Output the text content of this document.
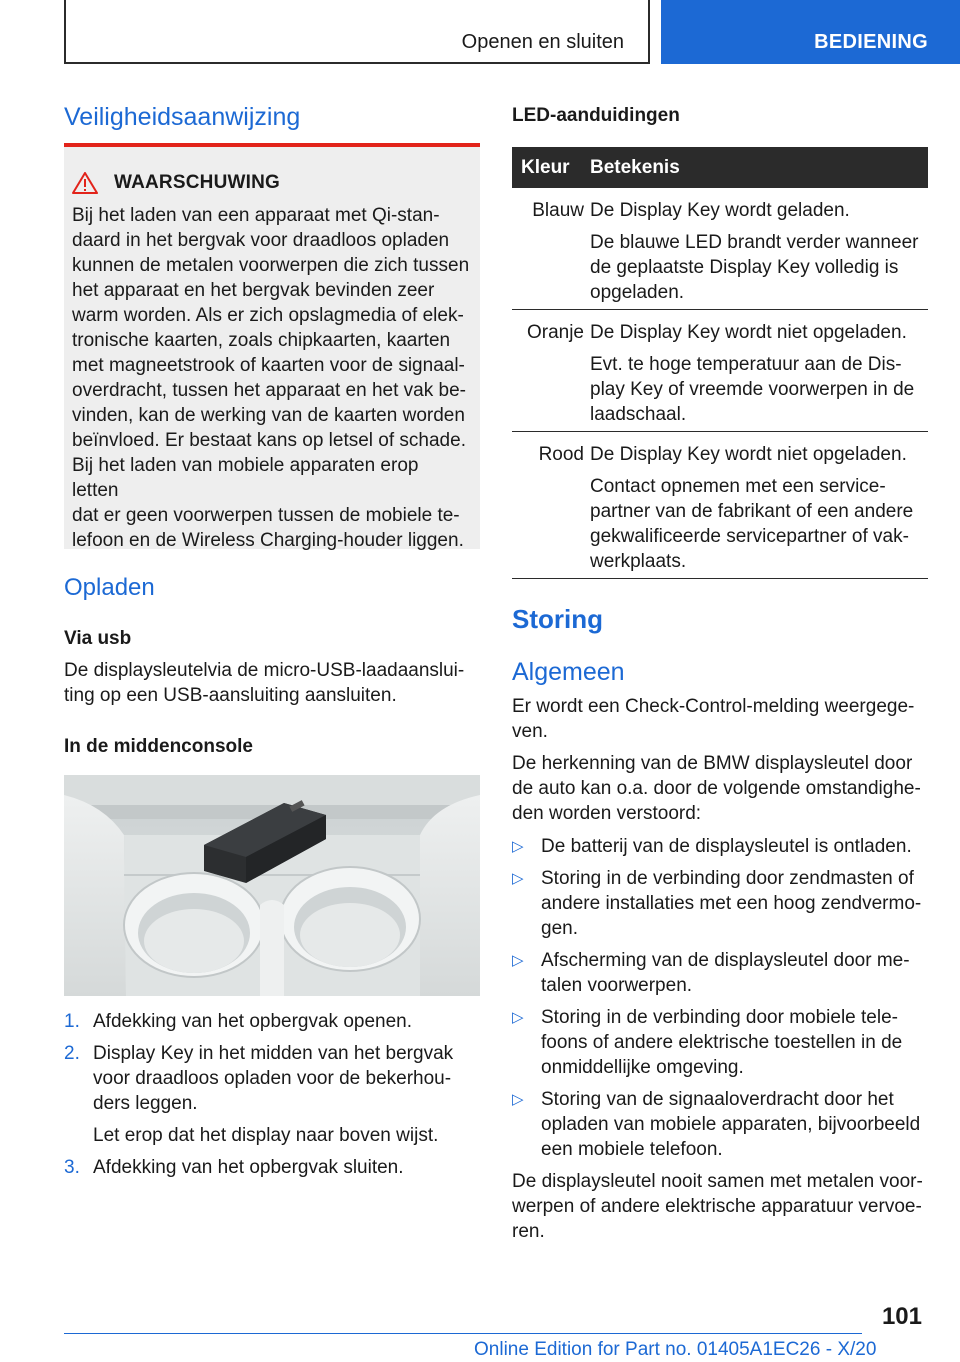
Openen en sluiten	BEDIENING
Veiligheidsaanwijzing
WAARSCHUWING
Bij het laden van een apparaat met Qi-stan-
daard in het bergvak voor draadloos opladen
kunnen de metalen voorwerpen die zich tussen
het apparaat en het bergvak bevinden zeer
warm worden. Als er zich opslagmedia of elek-
tronische kaarten, zoals chipkaarten, kaarten
met magneetstrook of kaarten voor de signaal-
overdracht, tussen het apparaat en het vak be-
vinden, kan de werking van de kaarten worden
beïnvloed. Er bestaat kans op letsel of schade.
Bij het laden van mobiele apparaten erop letten
dat er geen voorwerpen tussen de mobiele te-
lefoon en de Wireless Charging-houder liggen.
Opladen
Via usb

De displaysleutelvia de micro-USB-laadaanslui-

ting op een USB-aansluiting aansluiten.

In de middenconsole
1. Afdekking van het opbergvak openen.
2. Display Key in het midden van het bergvak
voor draadloos opladen voor de bekerhou-
ders leggen.
Let erop dat het display naar boven wijst.
3. Afdekking van het opbergvak sluiten.
LED-aanduidingen
Kleur Betekenis
Blauw De Display Key wordt geladen.
De blauwe LED brandt verder wanneer
de geplaatste Display Key volledig is
opgeladen.
Oranje De Display Key wordt niet opgeladen.
Evt. te hoge temperatuur aan de Dis-
play Key of vreemde voorwerpen in de
laadschaal.
Rood De Display Key wordt niet opgeladen.
Contact opnemen met een service-
partner van de fabrikant of een andere
gekwalificeerde servicepartner of vak-
werkplaats.
Storing
Algemeen

Er wordt een Check-Control-melding weergege-

ven.

De herkenning van de BMW displaysleutel door

de auto kan o.a. door de volgende omstandighe-

den worden verstoord:

▷ De batterij van de displaysleutel is ontladen.
▷ Storing in de verbinding door zendmasten of
andere installaties met een hoog zendvermo-
gen.
▷ Afscherming van de displaysleutel door me-
talen voorwerpen.
▷ Storing in de verbinding door mobiele tele-
foons of andere elektrische toestellen in de
onmiddellijke omgeving.
▷ Storing van de signaaloverdracht door het
opladen van mobiele apparaten, bijvoorbeeld
een mobiele telefoon.

De displaysleutel nooit samen met metalen voor-

werpen of andere elektrische apparatuur vervoe-

ren.

101
Online Edition for Part no. 01405A1EC26 - X/20
